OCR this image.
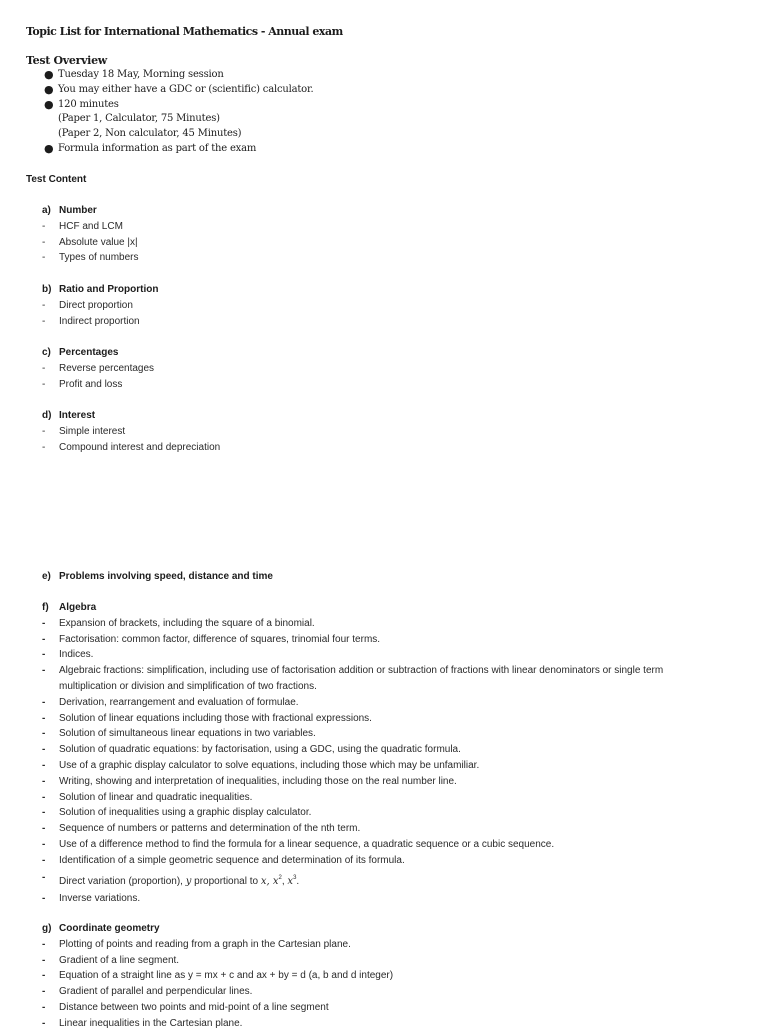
Topic List for International Mathematics - Annual exam
Test Overview
● Tuesday 18 May, Morning session
● You may either have a GDC or (scientific) calculator.
● 120 minutes
(Paper 1, Calculator, 75 Minutes)
(Paper 2, Non calculator, 45 Minutes)
● Formula information as part of the exam
Test Content
a) Number
- HCF and LCM
- Absolute value |x|
- Types of numbers
b) Ratio and Proportion
- Direct proportion
- Indirect proportion
c) Percentages
- Reverse percentages
- Profit and loss
d) Interest
- Simple interest
- Compound interest and depreciation
e) Problems involving speed, distance and time
f) Algebra
- Expansion of brackets, including the square of a binomial.
- Factorisation: common factor, difference of squares, trinomial four terms.
- Indices.
- Algebraic fractions: simplification, including use of factorisation addition or subtraction of fractions with linear denominators or single term
multiplication or division and simplification of two fractions.
- Derivation, rearrangement and evaluation of formulae.
- Solution of linear equations including those with fractional expressions.
- Solution of simultaneous linear equations in two variables.
- Solution of quadratic equations: by factorisation, using a GDC, using the quadratic formula.
- Use of a graphic display calculator to solve equations, including those which may be unfamiliar.
- Writing, showing and interpretation of inequalities, including those on the real number line.
- Solution of linear and quadratic inequalities.
- Solution of inequalities using a graphic display calculator.
- Sequence of numbers or patterns and determination of the nth term.
- Use of a difference method to find the formula for a linear sequence, a quadratic sequence or a cubic sequence.
- Identification of a simple geometric sequence and determination of its formula.
- Direct variation (proportion), y proportional to x, $x^2$, $x^3$.
- Inverse variations.
g) Coordinate geometry
- Plotting of points and reading from a graph in the Cartesian plane.
- Gradient of a line segment.
- Equation of a straight line as y = mx + c and ax + by = d (a, b and d integer)
- Gradient of parallel and perpendicular lines.
- Distance between two points and mid-point of a line segment
- Linear inequalities in the Cartesian plane.
